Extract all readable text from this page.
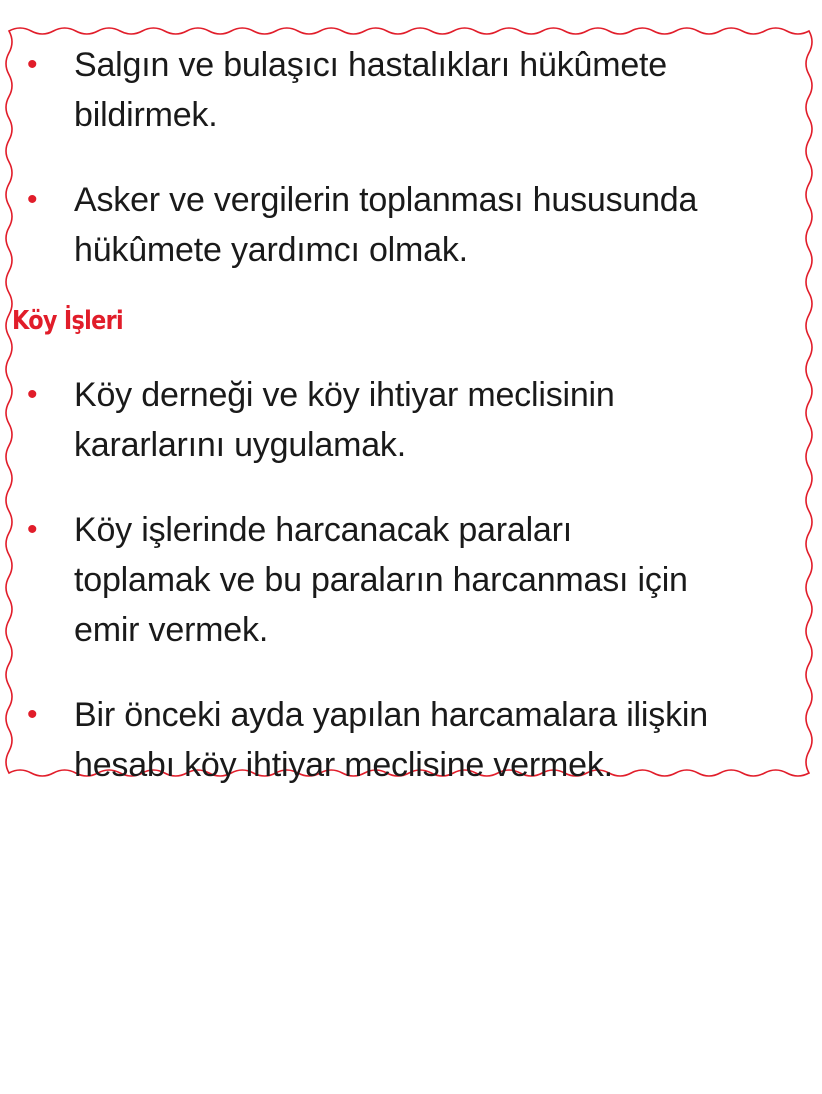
• Salgın ve bulaşıcı hastalıkları hükûmete
bildirmek.
• Asker ve vergilerin toplanması hususunda
hükûmete yardımcı olmak.
Köy İşleri
• Köy derneği ve köy ihtiyar meclisinin
kararlarını uygulamak.
• Köy işlerinde harcanacak paraları
toplamak ve bu paraların harcanması için
emir vermek.
• Bir önceki ayda yapılan harcamalara ilişkin
hesabı köy ihtiyar meclisine vermek.
